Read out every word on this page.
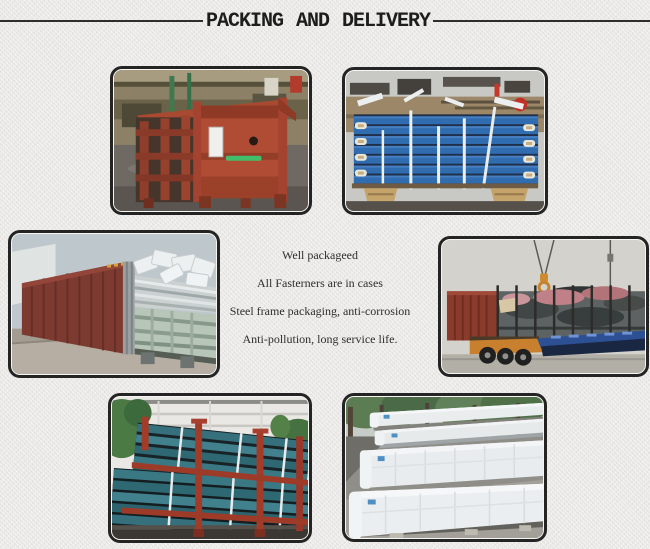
PACKING AND DELIVERY

Well packageed

All Fasterners are in cases

Steel frame packaging, anti-corrosion

Anti-pollution, long service life.
